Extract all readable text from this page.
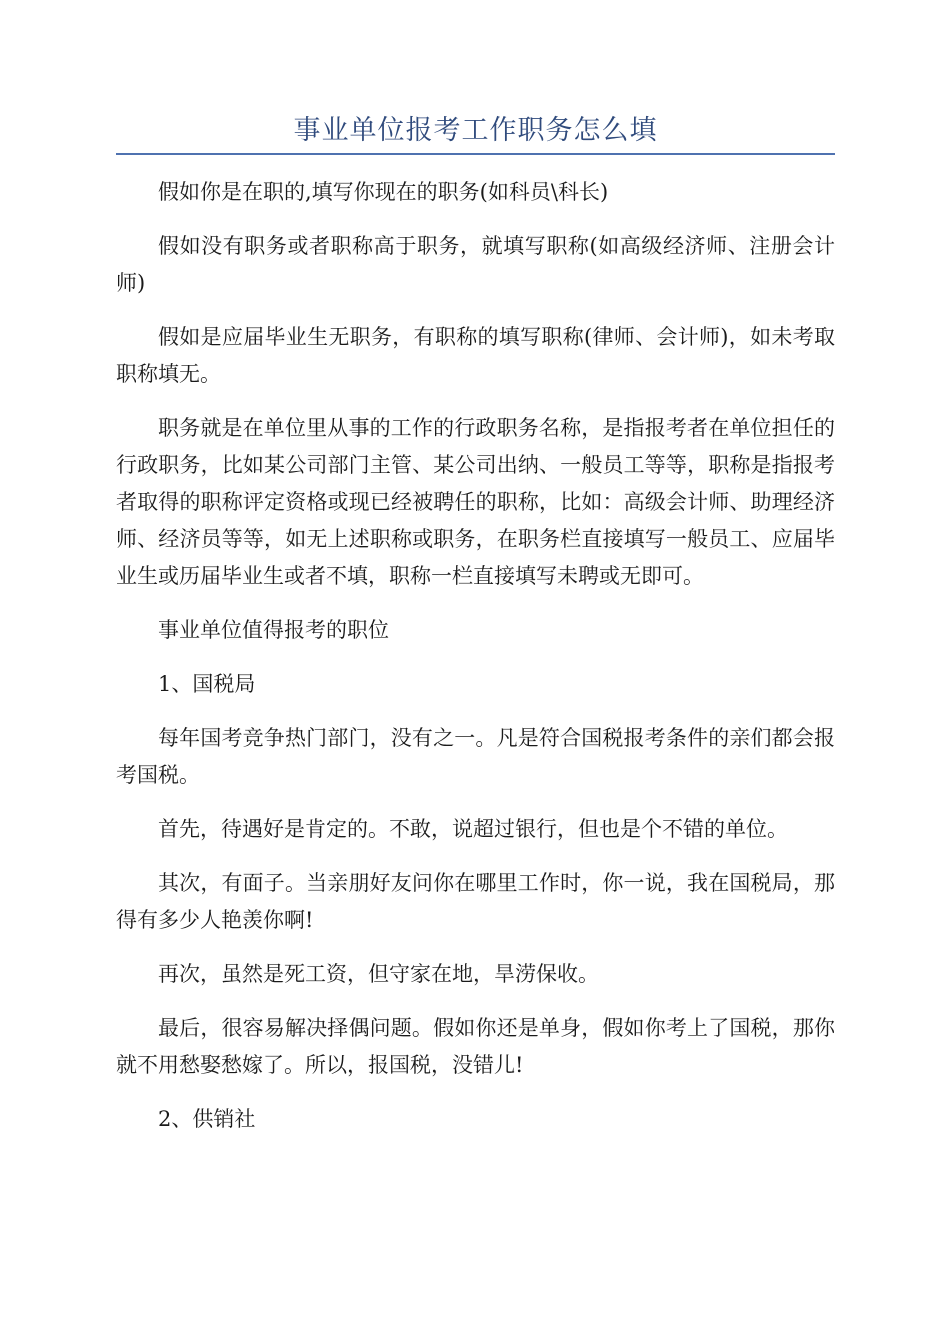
事业单位报考工作职务怎么填

假如你是在职的,填写你现在的职务(如科员\科长)

假如没有职务或者职称高于职务，就填写职称(如高级经济师、注册会计师)

假如是应届毕业生无职务，有职称的填写职称(律师、会计师)，如未考取职称填无。

职务就是在单位里从事的工作的行政职务名称，是指报考者在单位担任的行政职务，比如某公司部门主管、某公司出纳、一般员工等等，职称是指报考者取得的职称评定资格或现已经被聘任的职称，比如：高级会计师、助理经济师、经济员等等，如无上述职称或职务，在职务栏直接填写一般员工、应届毕业生或历届毕业生或者不填，职称一栏直接填写未聘或无即可。

事业单位值得报考的职位

1、国税局

每年国考竞争热门部门，没有之一。凡是符合国税报考条件的亲们都会报考国税。

首先，待遇好是肯定的。不敢，说超过银行，但也是个不错的单位。

其次，有面子。当亲朋好友问你在哪里工作时，你一说，我在国税局，那得有多少人艳羡你啊!

再次，虽然是死工资，但守家在地，旱涝保收。

最后，很容易解决择偶问题。假如你还是单身，假如你考上了国税，那你就不用愁娶愁嫁了。所以，报国税，没错儿!

2、供销社
